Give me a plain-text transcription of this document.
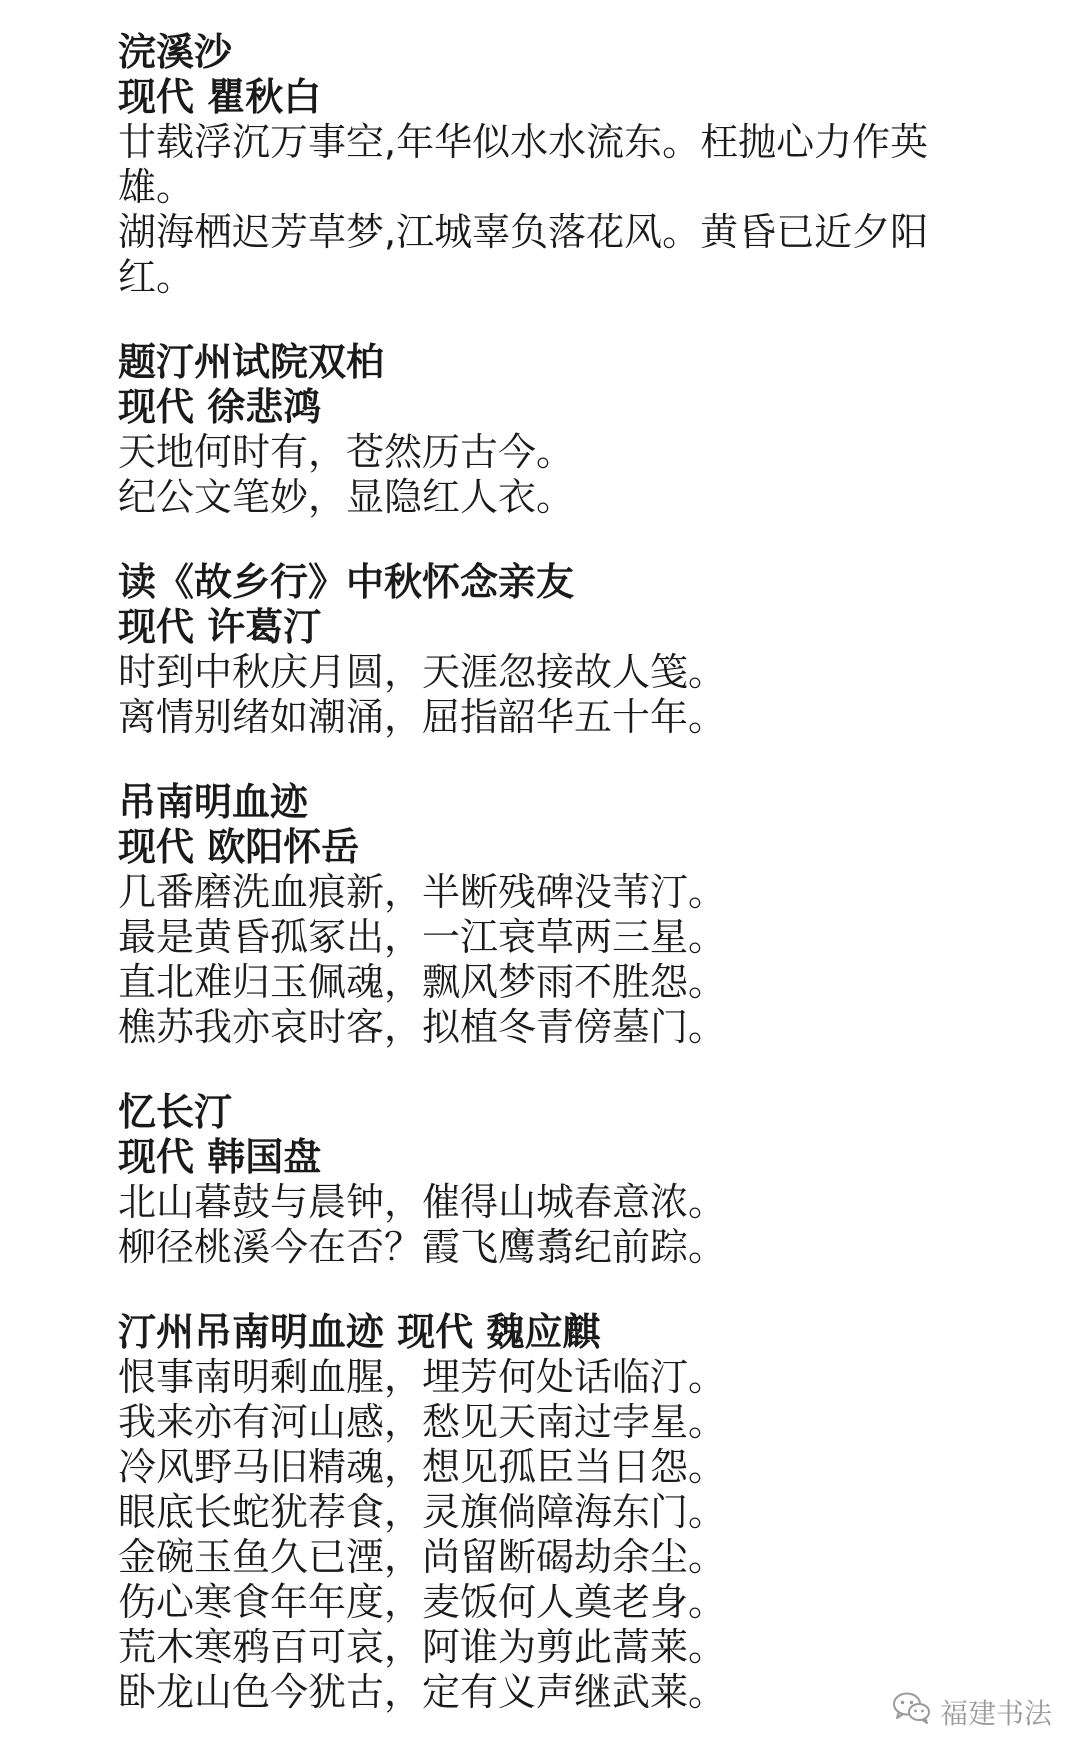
浣溪沙
现代 瞿秋白
廿载浮沉万事空,年华似水水流东。枉抛心力作英
雄。
湖海栖迟芳草梦,江城辜负落花风。黄昏已近夕阳
红。
题汀州试院双柏
现代 徐悲鸿
天地何时有，苍然历古今。
纪公文笔妙，显隐红人衣。
读《故乡行》中秋怀念亲友
现代 许葛汀
时到中秋庆月圆，天涯忽接故人笺。
离情别绪如潮涌，屈指韶华五十年。
吊南明血迹
现代 欧阳怀岳
几番磨洗血痕新，半断残碑没苇汀。
最是黄昏孤冢出，一江衰草两三星。
直北难归玉佩魂，飘风梦雨不胜怨。
樵苏我亦哀时客，拟植冬青傍墓门。
忆长汀
现代 韩国盘
北山暮鼓与晨钟，催得山城春意浓。
柳径桃溪今在否？霞飞鹰翥纪前踪。
汀州吊南明血迹 现代 魏应麒
恨事南明剩血腥，埋芳何处话临汀。
我来亦有河山感，愁见天南过孛星。
冷风野马旧精魂，想见孤臣当日怨。
眼底长蛇犹荐食，灵旗倘障海东门。
金碗玉鱼久已湮，尚留断碣劫余尘。
伤心寒食年年度，麦饭何人奠老身。
荒木寒鸦百可哀，阿谁为剪此蒿莱。
卧龙山色今犹古，定有义声继武莱。	福建书法
